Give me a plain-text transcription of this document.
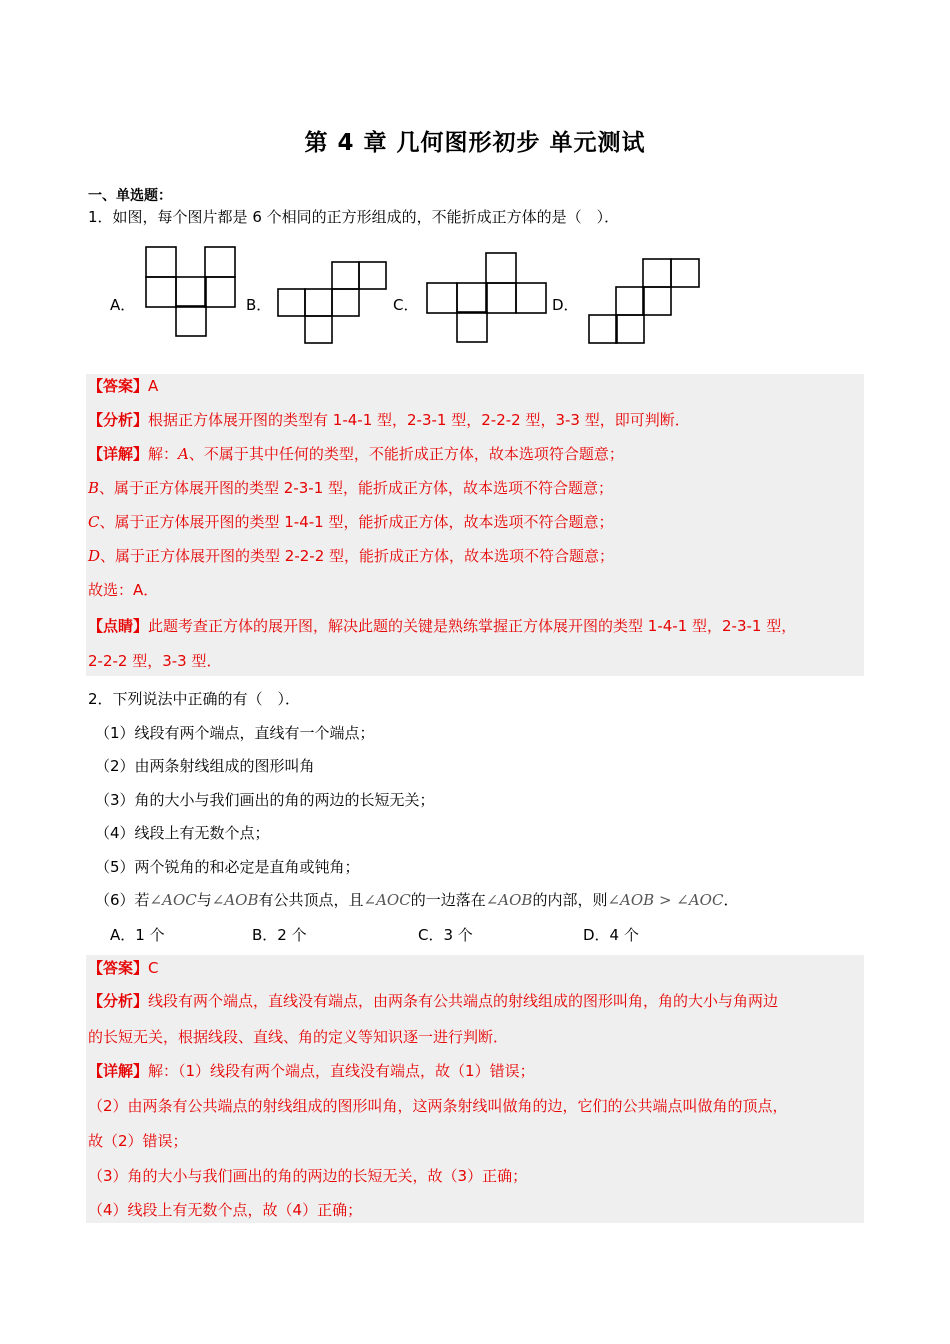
第 4 章 几何图形初步 单元测试
一、单选题：
1．如图，每个图片都是 6 个相同的正方形组成的，不能折成正方体的是（　）．
A．	B．	C．	D．
【答案】A
【分析】根据正方体展开图的类型有 1-4-1 型，2-3-1 型，2-2-2 型，3-3 型，即可判断．
【详解】解：A、不属于其中任何的类型，不能折成正方体，故本选项符合题意；
B、属于正方体展开图的类型 2-3-1 型，能折成正方体，故本选项不符合题意；
C、属于正方体展开图的类型 1-4-1 型，能折成正方体，故本选项不符合题意；
D、属于正方体展开图的类型 2-2-2 型，能折成正方体，故本选项不符合题意；
故选：A．
【点睛】此题考查正方体的展开图，解决此题的关键是熟练掌握正方体展开图的类型 1-4-1 型，2-3-1 型，
2-2-2 型，3-3 型．
2．下列说法中正确的有（　）．
（1）线段有两个端点，直线有一个端点；
（2）由两条射线组成的图形叫角
（3）角的大小与我们画出的角的两边的长短无关；
（4）线段上有无数个点；
（5）两个锐角的和必定是直角或钝角；
（6）若∠AOC与∠AOB有公共顶点，且∠AOC的一边落在∠AOB的内部，则∠AOB > ∠AOC．
A．1 个	B．2 个	C．3 个	D．4 个
【答案】C
【分析】线段有两个端点，直线没有端点，由两条有公共端点的射线组成的图形叫角，角的大小与角两边
的长短无关，根据线段、直线、角的定义等知识逐一进行判断．
【详解】解：（1）线段有两个端点，直线没有端点，故（1）错误；
（2）由两条有公共端点的射线组成的图形叫角，这两条射线叫做角的边，它们的公共端点叫做角的顶点，
故（2）错误；
（3）角的大小与我们画出的角的两边的长短无关，故（3）正确；
（4）线段上有无数个点，故（4）正确；
